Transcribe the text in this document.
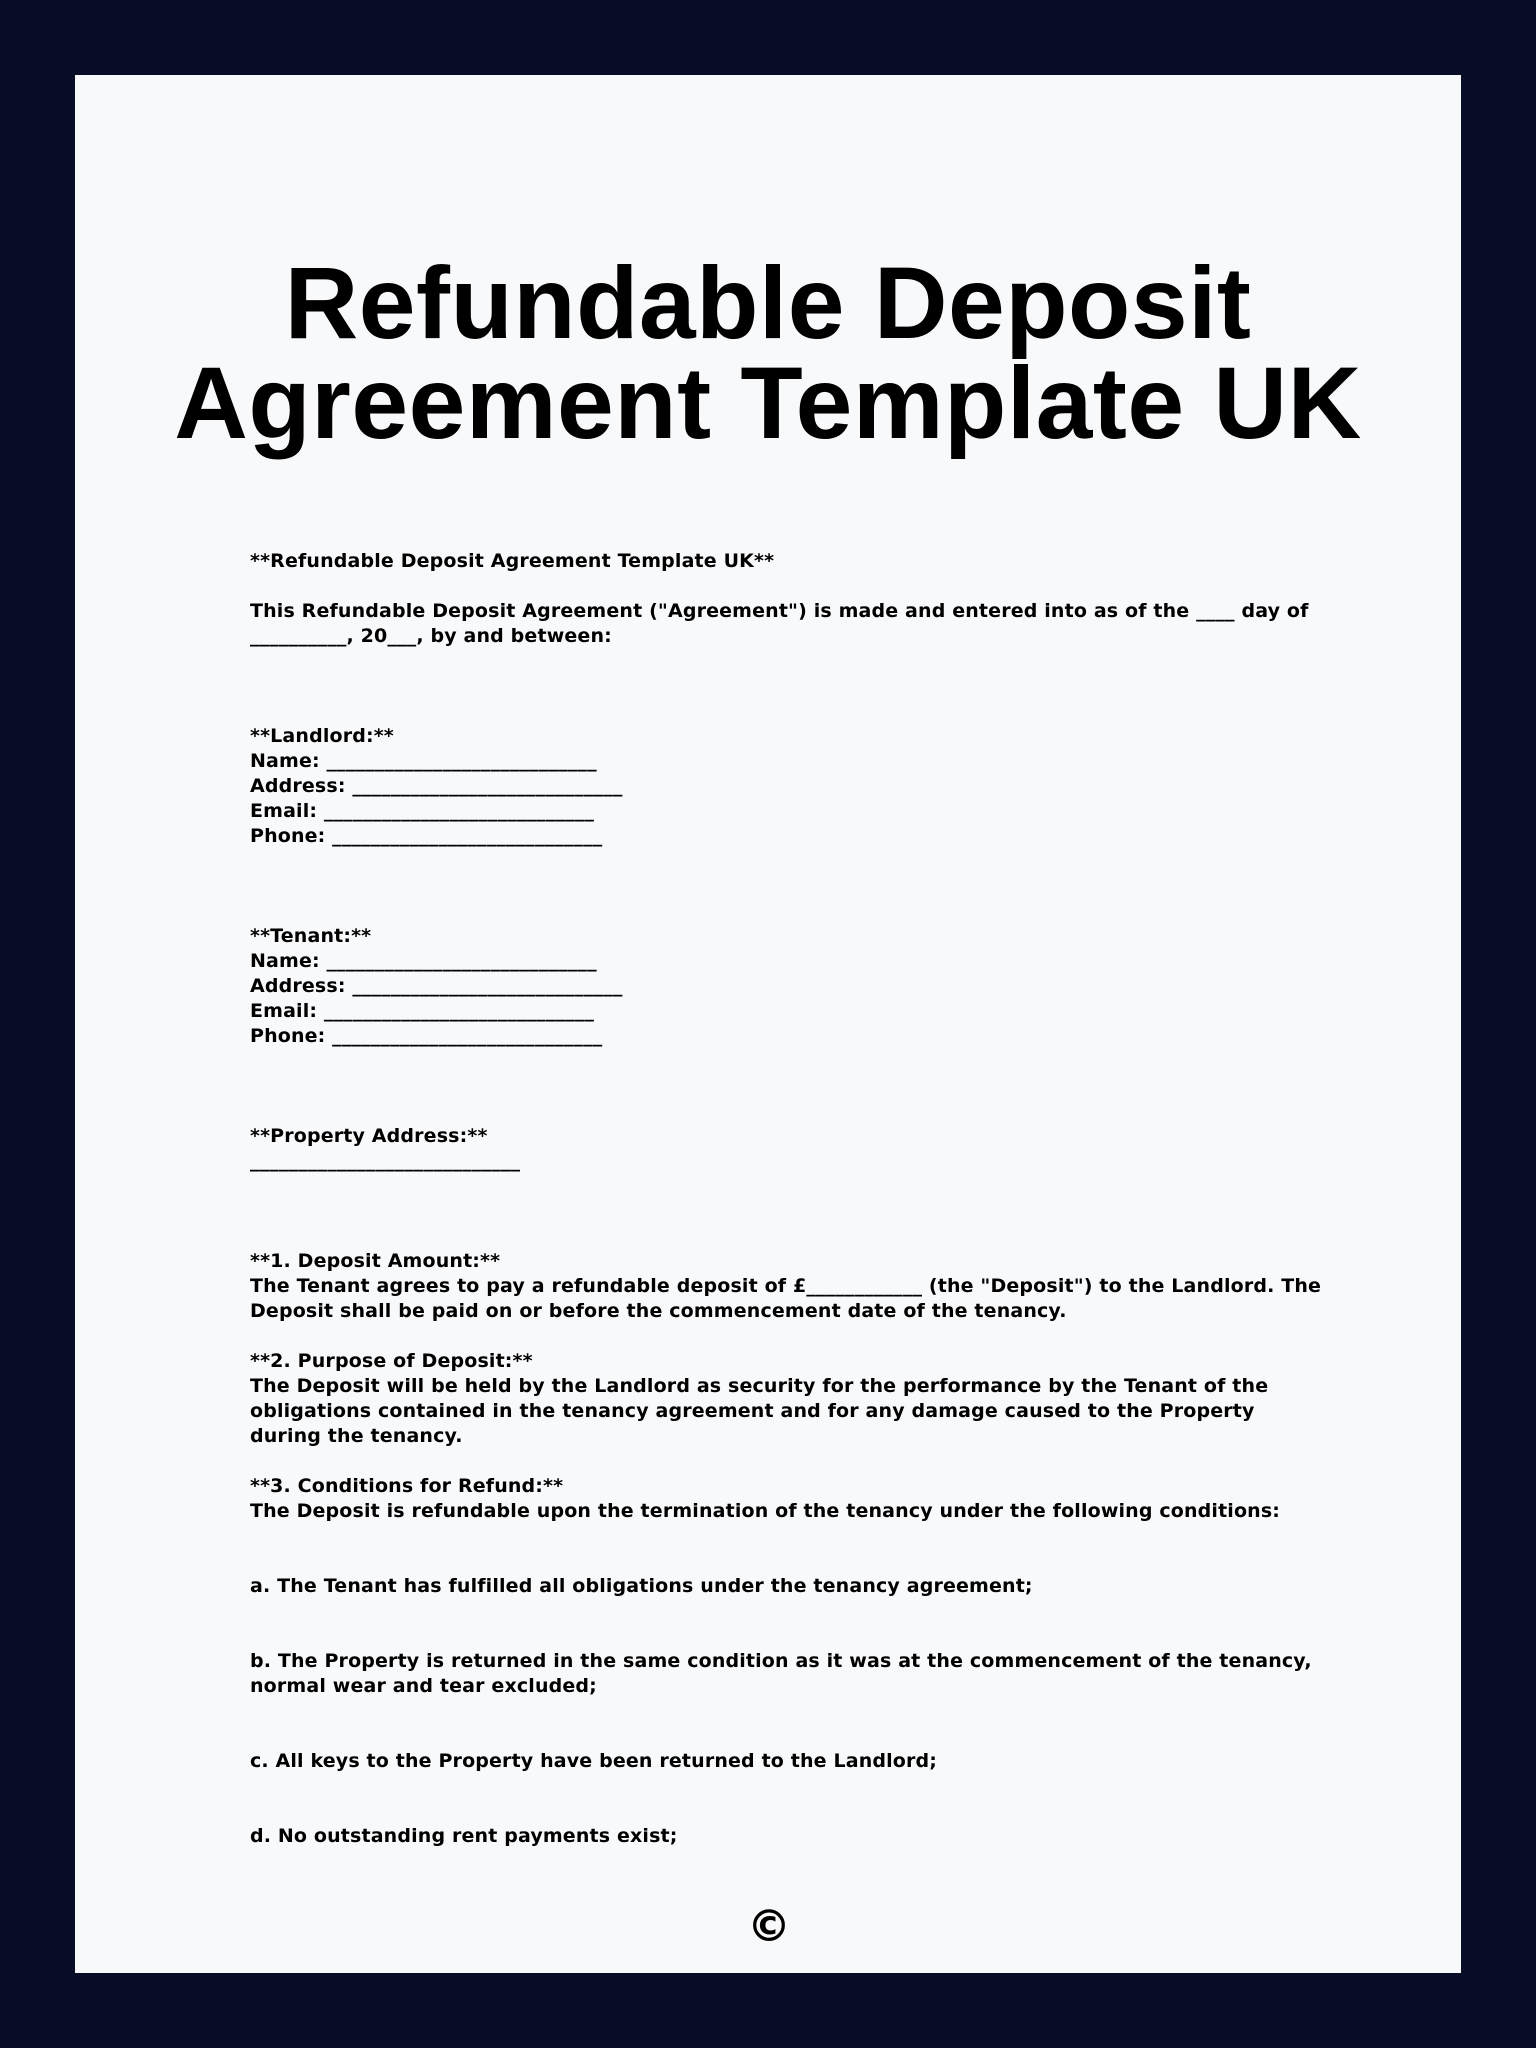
Refundable Deposit
Agreement Template UK
**Refundable Deposit Agreement Template UK**
This Refundable Deposit Agreement ("Agreement") is made and entered into as of the ____ day of
__________, 20___, by and between:
**Landlord:**
Name: ____________________________
Address: ____________________________
Email: ____________________________
Phone: ____________________________
**Tenant:**
Name: ____________________________
Address: ____________________________
Email: ____________________________
Phone: ____________________________
**Property Address:**
____________________________
**1. Deposit Amount:**
The Tenant agrees to pay a refundable deposit of £____________ (the "Deposit") to the Landlord. The Deposit shall be paid on or before the commencement date of the tenancy.
**2. Purpose of Deposit:**
The Deposit will be held by the Landlord as security for the performance by the Tenant of the obligations contained in the tenancy agreement and for any damage caused to the Property during the tenancy.
**3. Conditions for Refund:**
The Deposit is refundable upon the termination of the tenancy under the following conditions:
a. The Tenant has fulfilled all obligations under the tenancy agreement;
b. The Property is returned in the same condition as it was at the commencement of the tenancy, normal wear and tear excluded;
c. All keys to the Property have been returned to the Landlord;
d. No outstanding rent payments exist;
©
